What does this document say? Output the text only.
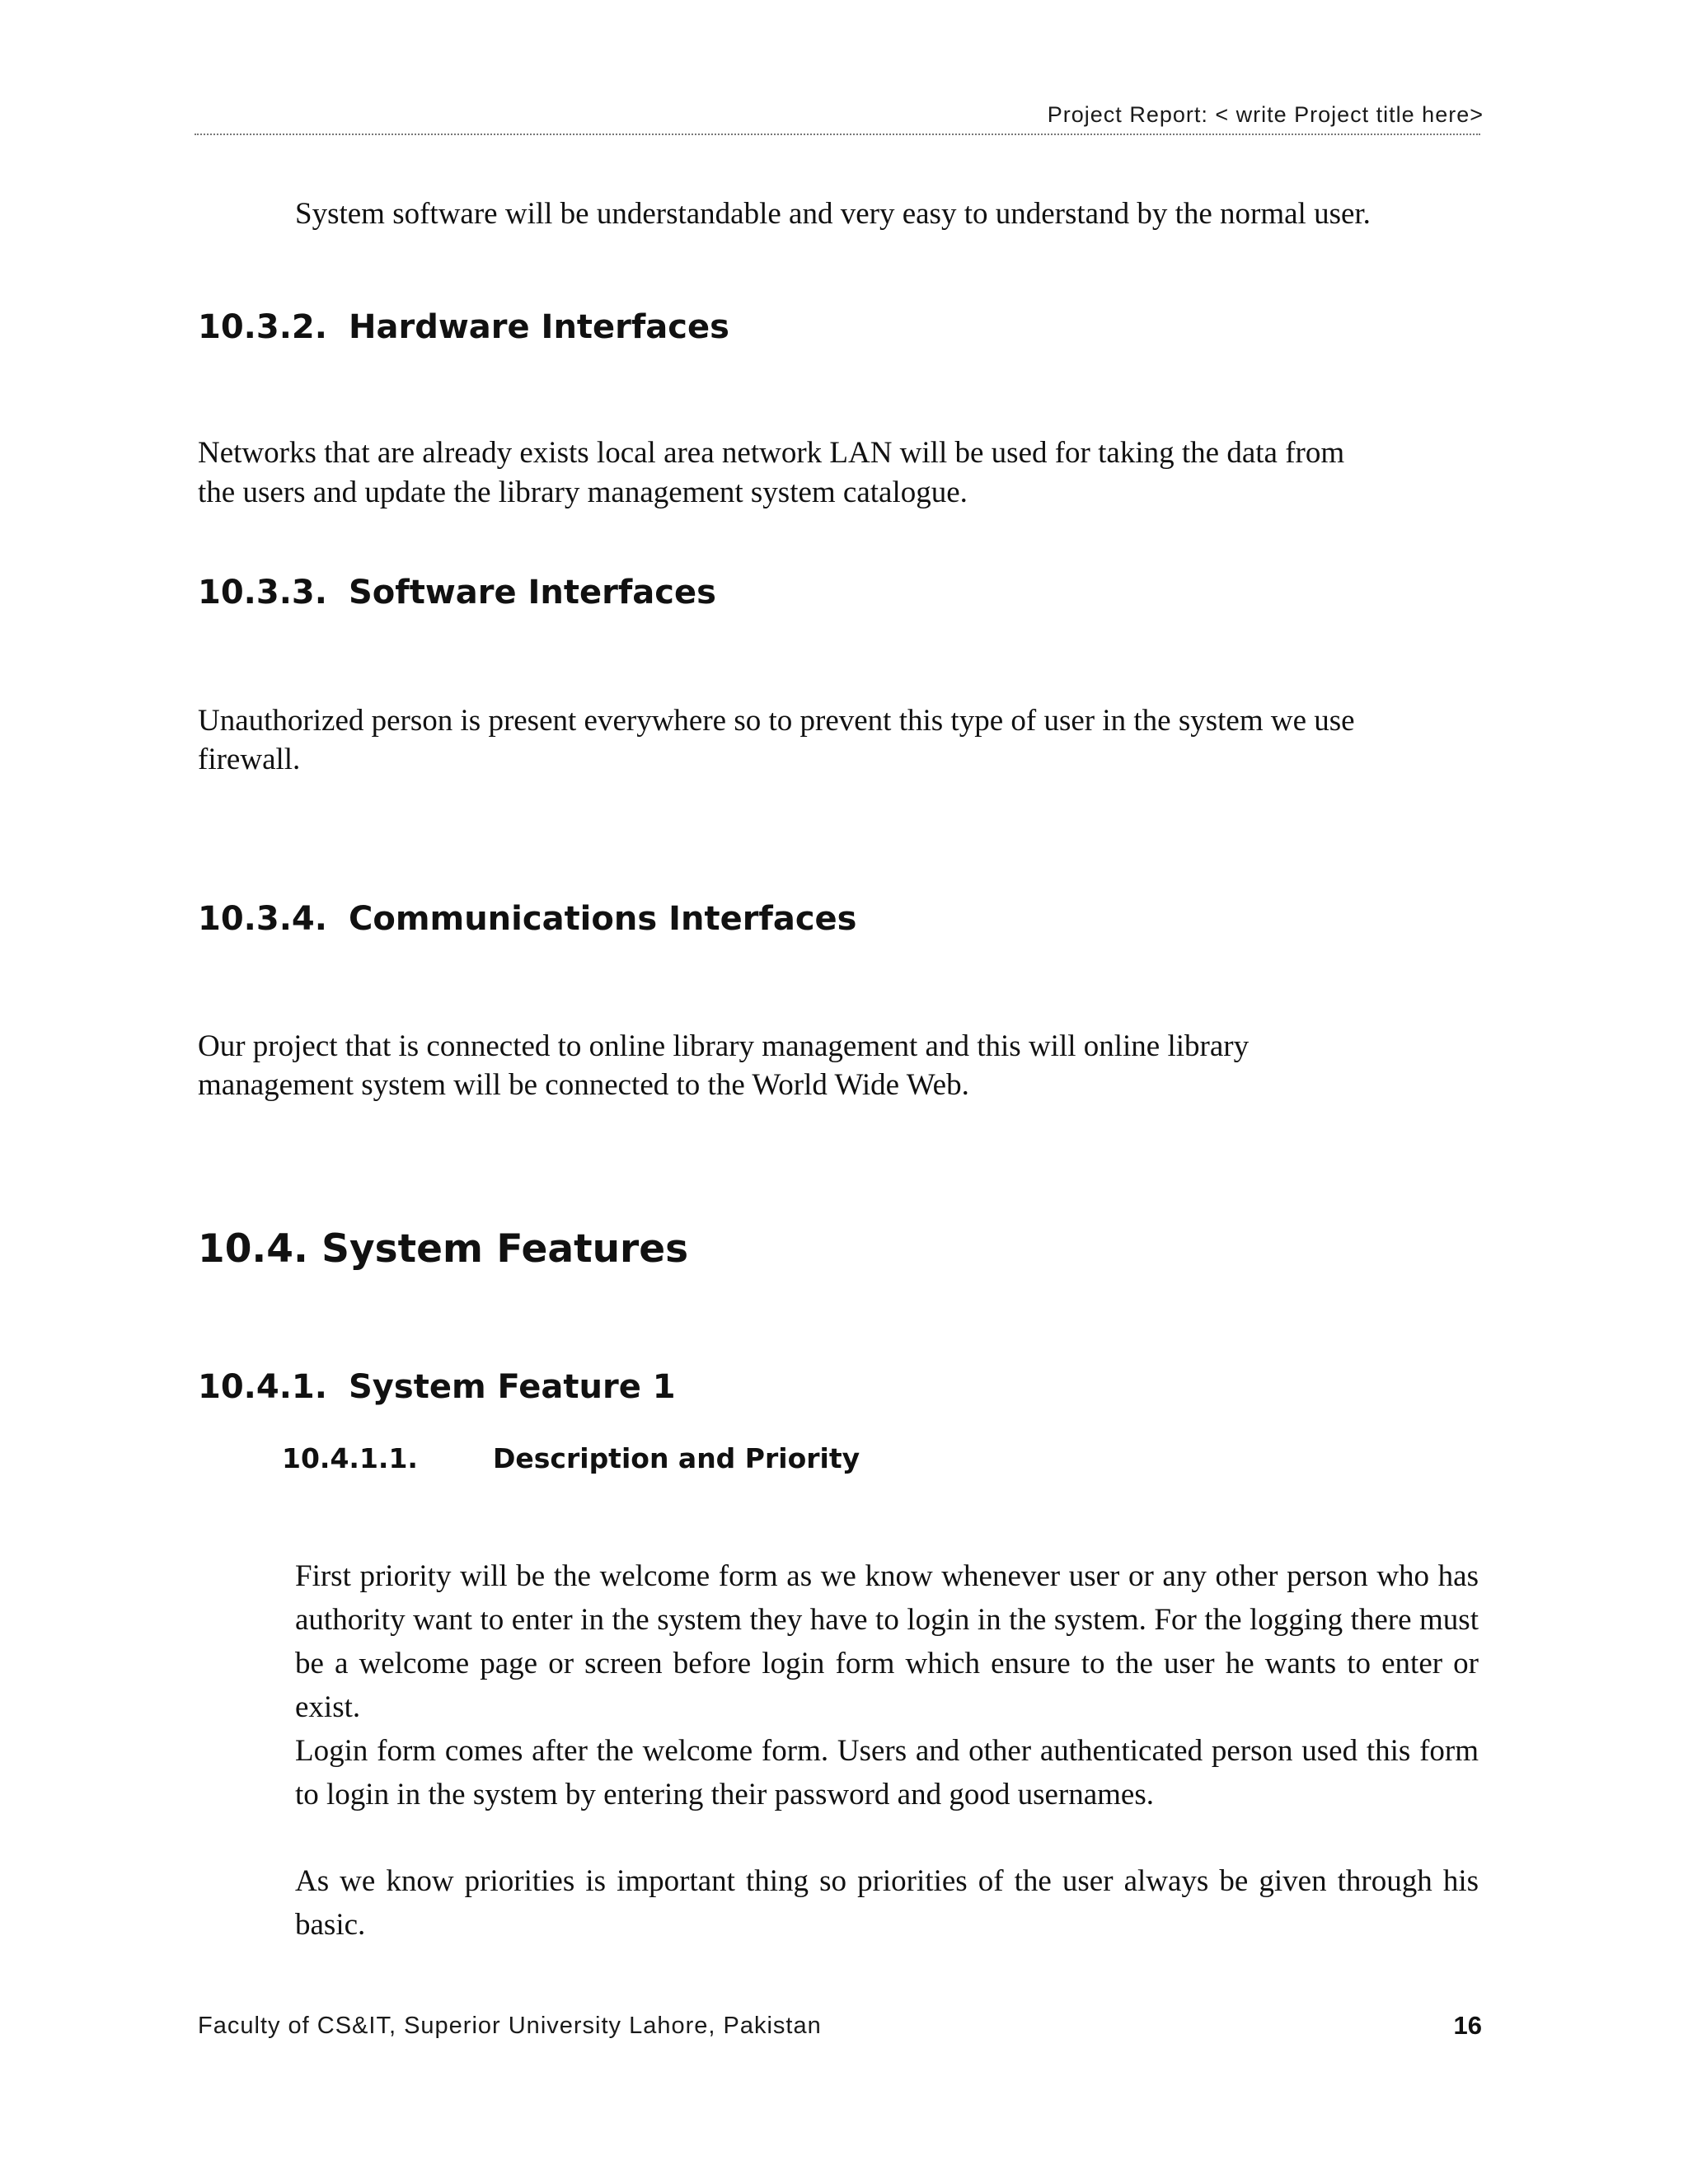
Project Report: < write Project title here>
System software will be understandable and very easy to understand by the normal user.
10.3.2. Hardware Interfaces
Networks that are already exists local area network LAN will be used for taking the data from
the users and update the library management system catalogue.
10.3.3. Software Interfaces
Unauthorized person is present everywhere so to prevent this type of user in the system we use
firewall.
10.3.4. Communications Interfaces
Our project that is connected to online library management and this will online library
management system will be connected to the World Wide Web.
10.4. System Features
10.4.1. System Feature 1
10.4.1.1.	Description and Priority
First priority will be the welcome form as we know whenever user or any other person who has authority want to enter in the system they have to login in the system. For the logging there must be a welcome page or screen before login form which ensure to the user he wants to enter or exist.
Login form comes after the welcome form. Users and other authenticated person used this form to login in the system by entering their password and good usernames.
As we know priorities is important thing so priorities of the user always be given through his basic.
Faculty of CS&IT, Superior University Lahore, Pakistan	16
